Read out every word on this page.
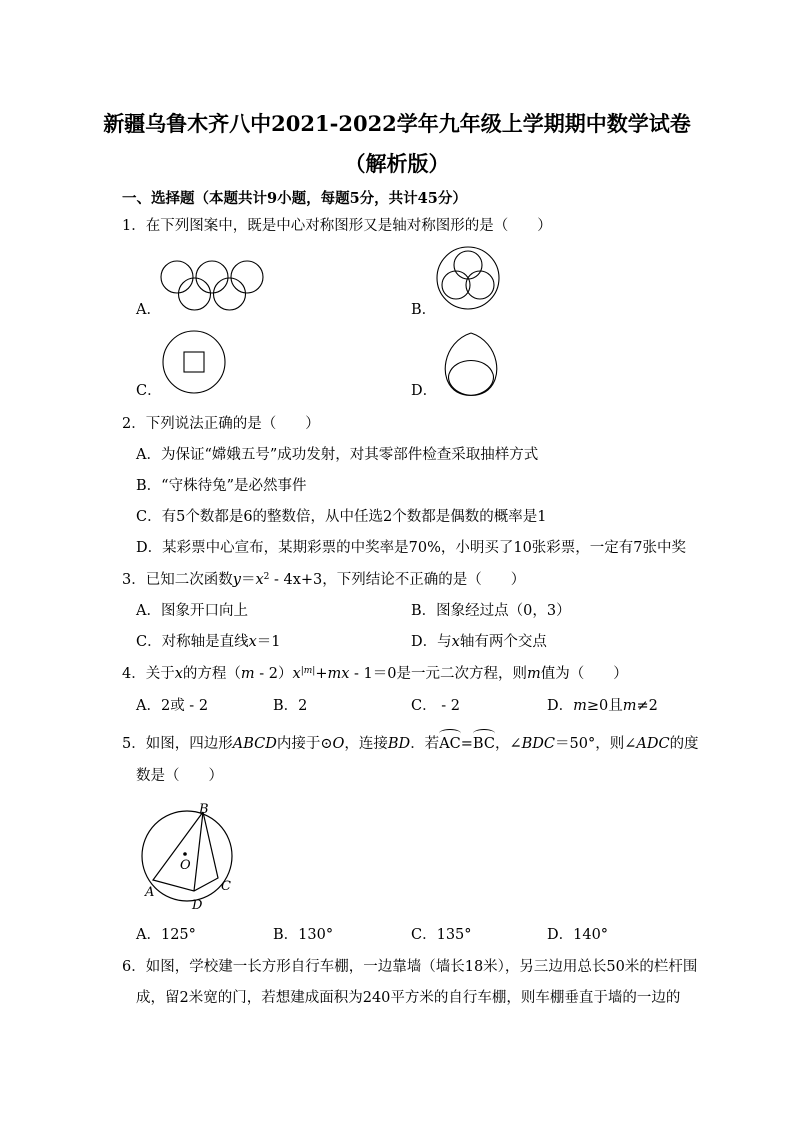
新疆乌鲁木齐八中2021-2022学年九年级上学期期中数学试卷
（解析版）
一、选择题（本题共计9小题，每题5分，共计45分）
1．在下列图案中，既是中心对称图形又是轴对称图形的是（　　）
A．	B．
C．	D．
2．下列说法正确的是（　　）
A．为保证“嫦娥五号”成功发射，对其零部件检查采取抽样方式
B．“守株待兔”是必然事件
C．有5个数都是6的整数倍，从中任选2个数都是偶数的概率是1
D．某彩票中心宣布，某期彩票的中奖率是70%，小明买了10张彩票，一定有7张中奖
3．已知二次函数$y=x^2 - 4x+3$，下列结论不正确的是（　　）
A．图象开口向上	B．图象经过点（0，3）
C．对称轴是直线x＝1	D．与x轴有两个交点
4．关于x的方程$(m - 2)x^{|m|}+mx - 1=0$是一元二次方程，则m值为（　　）
A．2或 - 2	B．2	C． - 2	D．m≥0且m≠2
5．如图，四边形ABCD内接于⊙O，连接BD．若AC=BC，∠BDC＝50°，则∠ADC的度
数是（　　）
B
O
A	C
D
A．125°	B．130°	C．135°	D．140°
6．如图，学校建一长方形自行车棚，一边靠墙（墙长18米），另三边用总长50米的栏杆围
成，留2米宽的门，若想建成面积为240平方米的自行车棚，则车棚垂直于墙的一边的
